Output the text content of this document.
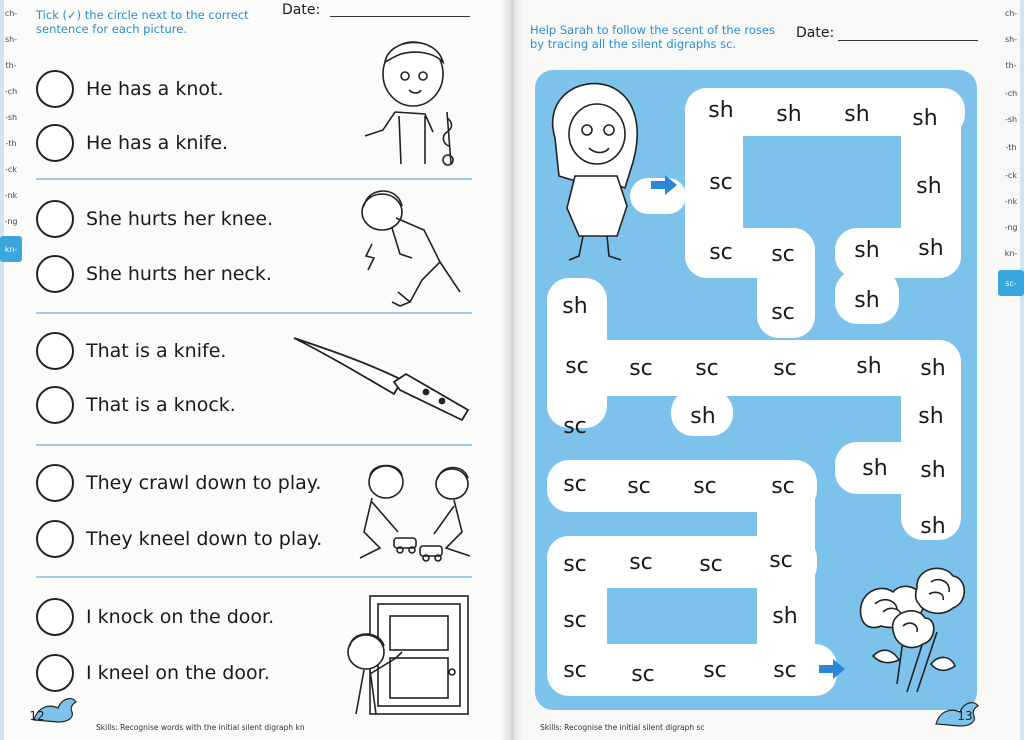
ch-
sh-
th-
-ch
-sh
-th
-ck
-nk
-ng
kn-
Tick (✓) the circle next to the correct sentence for each picture.
Date:
He has a knot.
He has a knife.
She hurts her knee.
She hurts her neck.
That is a knife.
That is a knock.
They crawl down to play.
They kneel down to play.
I knock on the door.
I kneel on the door.
12
Skills: Recognise words with the initial silent digraph kn
Help Sarah to follow the scent of the roses by tracing all the silent digraphs sc.
Date:
sh	sh	sh	sh
sc	sh
sc	sc	sh	sh
sh	sc	sh
sc	sc	sc	sc	sh	sh
sc	sh	sh
sc	sc	sc	sc
sh	sh
sh
sc	sc	sc	sc
sc	sh
sc	sc	sc	sc
13
Skills: Recognise the initial silent digraph sc
ch-
sh-
th-
-ch
-sh
-th
-ck
-nk
-ng
kn-
sc-
